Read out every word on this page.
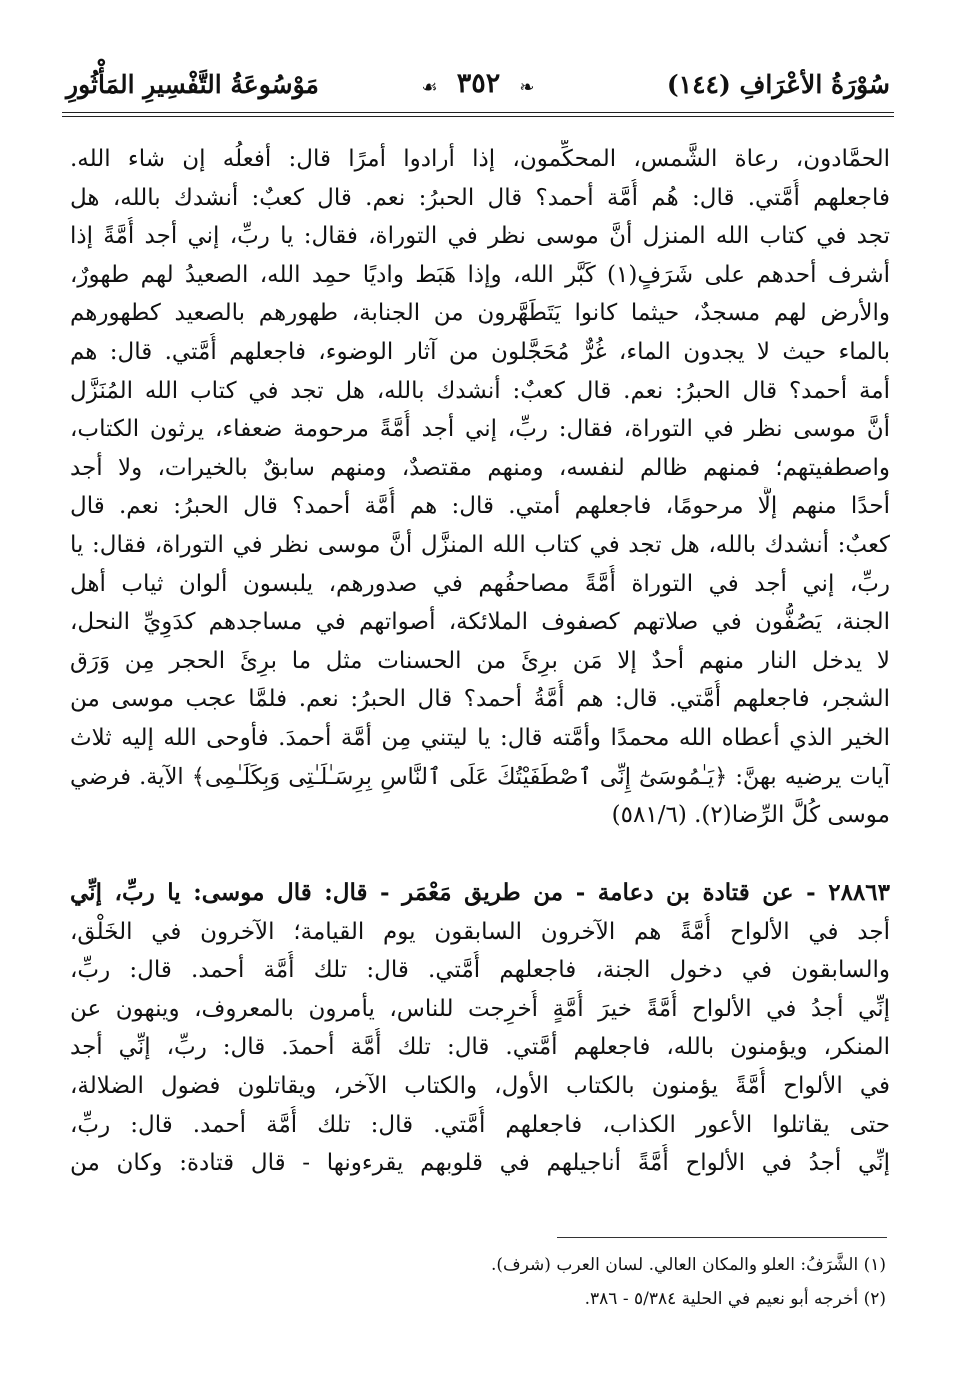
سُوْرَةُ الأعْرَافِ (١٤٤)
❧ ٣٥٢ ☙
مَوْسُوعَةُ التَّفْسِيرِ المَأْثُورِ
الحمَّادون، رعاة الشَّمس، المحكِّمون، إذا أرادوا أمرًا قال: أفعلُه إن شاء الله.
فاجعلهم أُمَّتي. قال: هُم أُمَّة أحمد؟ قال الحبرُ: نعم. قال كعبٌ: أنشدك بالله، هل
تجد في كتاب الله المنزل أنَّ موسى نظر في التوراة، فقال: يا ربِّ، إني أجد أُمَّةً إذا
أشرف أحدهم على شَرَفٍ(١) كَبَّر الله، وإذا هَبَط واديًا حمِد الله، الصعيدُ لهم طهورٌ،
والأرض لهم مسجدٌ، حيثما كانوا يَتَطَهَّرون من الجنابة، طهورهم بالصعيد كطهورهم
بالماء حيث لا يجدون الماء، غُرٌّ مُحَجَّلون من آثار الوضوء، فاجعلهم أُمَّتي. قال: هم
أمة أحمد؟ قال الحبرُ: نعم. قال كعبٌ: أنشدك بالله، هل تجد في كتاب الله المُنَزَّل
أنَّ موسى نظر في التوراة، فقال: ربِّ، إني أجد أُمَّةً مرحومة ضعفاء، يرثون الكتاب،
واصطفيتهم؛ فمنهم ظالم لنفسه، ومنهم مقتصدٌ، ومنهم سابقٌ بالخيرات، ولا أجد
أحدًا منهم إلَّا مرحومًا، فاجعلهم أمتي. قال: هم أُمَّة أحمد؟ قال الحبرُ: نعم. قال
كعبٌ: أنشدك بالله، هل تجد في كتاب الله المنزَّل أنَّ موسى نظر في التوراة، فقال: يا
ربِّ، إني أجد في التوراة أُمَّةً مصاحفُهم في صدورهم، يلبسون ألوان ثياب أهل
الجنة، يَصُفُّون في صلاتهم كصفوف الملائكة، أصواتهم في مساجدهم كدَوِيِّ النحل،
لا يدخل النار منهم أحدٌ إلا مَن برِئَ من الحسنات مثل ما برِئَ الحجر مِن وَرَق
الشجر، فاجعلهم أُمَّتي. قال: هم أُمَّةُ أحمد؟ قال الحبرُ: نعم. فلمَّا عجب موسى من
الخير الذي أعطاه الله محمدًا وأمَّته قال: يا ليتني مِن أمَّة أحمدَ. فأوحى الله إليه ثلاث
آيات يرضيه بهنَّ: ﴿يَـٰمُوسَىٰٓ إِنِّى ٱصْطَفَيْتُكَ عَلَى ٱلنَّاسِ بِرِسَـٰلَـٰتِى وَبِكَلَـٰمِى﴾ الآية. فرضي
موسى كُلَّ الرِّضا(٢). (٥٨١/٦)
٢٨٨٦٣ - عن قتادة بن دعامة - من طريق مَعْمَر - قال: قال موسى: يا ربِّ، إنِّي
أجد في الألواح أُمَّةً هم الآخرون السابقون يوم القيامة؛ الآخرون في الخَلْق،
والسابقون في دخول الجنة، فاجعلهم أُمَّتي. قال: تلك أُمَّة أحمد. قال: ربِّ،
إنِّي أجدُ في الألواح أُمَّةً خيرَ أُمَّةٍ أُخرِجت للناس، يأمرون بالمعروف، وينهون عن
المنكر، ويؤمنون بالله، فاجعلهم أمَّتي. قال: تلك أُمَّة أحمدَ. قال: ربِّ، إنِّي أجد
في الألواح أُمَّةً يؤمنون بالكتاب الأول، والكتاب الآخر، ويقاتلون فضول الضلالة،
حتى يقاتلوا الأعور الكذاب، فاجعلهم أُمَّتي. قال: تلك أُمَّة أحمد. قال: ربِّ،
إنِّي أجدُ في الألواح أُمَّةً أناجيلهم في قلوبهم يقرءونها - قال قتادة: وكان من
(١) الشَّرَفُ: العلو والمكان العالي. لسان العرب (شرف).
(٢) أخرجه أبو نعيم في الحلية ٥/٣٨٤ - ٣٨٦.
